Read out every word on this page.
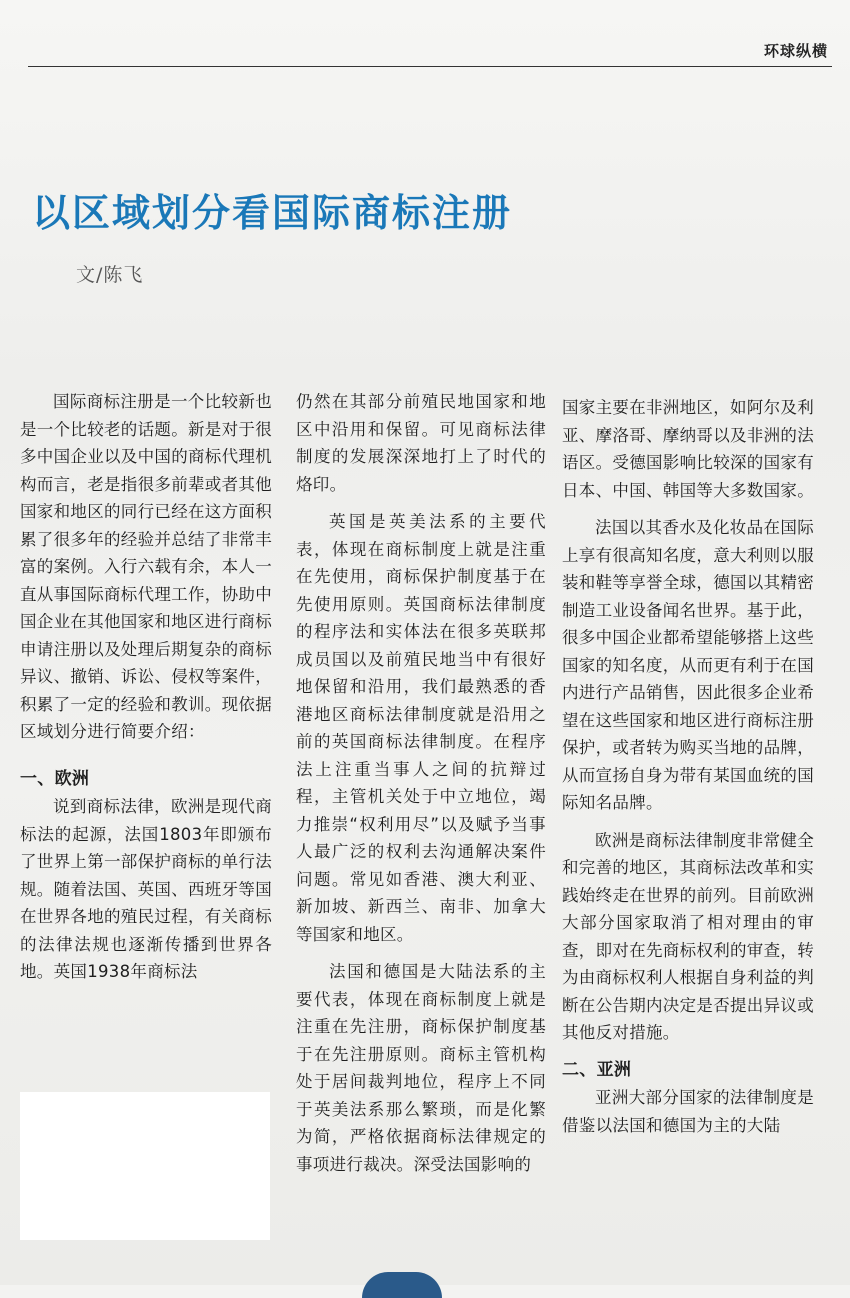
环球纵横
以区域划分看国际商标注册
文/陈飞

国际商标注册是一个比较新也是一个比较老的话题。新是对于很多中国企业以及中国的商标代理机构而言，老是指很多前辈或者其他国家和地区的同行已经在这方面积累了很多年的经验并总结了非常丰富的案例。入行六载有余，本人一直从事国际商标代理工作，协助中国企业在其他国家和地区进行商标申请注册以及处理后期复杂的商标异议、撤销、诉讼、侵权等案件，积累了一定的经验和教训。现依据区域划分进行简要介绍：

一、欧洲

说到商标法律，欧洲是现代商标法的起源，法国1803年即颁布了世界上第一部保护商标的单行法规。随着法国、英国、西班牙等国在世界各地的殖民过程，有关商标的法律法规也逐渐传播到世界各地。英国1938年商标法

仍然在其部分前殖民地国家和地区中沿用和保留。可见商标法律制度的发展深深地打上了时代的烙印。

英国是英美法系的主要代表，体现在商标制度上就是注重在先使用，商标保护制度基于在先使用原则。英国商标法律制度的程序法和实体法在很多英联邦成员国以及前殖民地当中有很好地保留和沿用，我们最熟悉的香港地区商标法律制度就是沿用之前的英国商标法律制度。在程序法上注重当事人之间的抗辩过程，主管机关处于中立地位，竭力推崇“权利用尽”以及赋予当事人最广泛的权利去沟通解决案件问题。常见如香港、澳大利亚、新加坡、新西兰、南非、加拿大等国家和地区。

法国和德国是大陆法系的主要代表，体现在商标制度上就是注重在先注册，商标保护制度基于在先注册原则。商标主管机构处于居间裁判地位，程序上不同于英美法系那么繁琐，而是化繁为简，严格依据商标法律规定的事项进行裁决。深受法国影响的

国家主要在非洲地区，如阿尔及利亚、摩洛哥、摩纳哥以及非洲的法语区。受德国影响比较深的国家有日本、中国、韩国等大多数国家。

法国以其香水及化妆品在国际上享有很高知名度，意大利则以服装和鞋等享誉全球，德国以其精密制造工业设备闻名世界。基于此，很多中国企业都希望能够搭上这些国家的知名度，从而更有利于在国内进行产品销售，因此很多企业希望在这些国家和地区进行商标注册保护，或者转为购买当地的品牌，从而宣扬自身为带有某国血统的国际知名品牌。

欧洲是商标法律制度非常健全和完善的地区，其商标法改革和实践始终走在世界的前列。目前欧洲大部分国家取消了相对理由的审查，即对在先商标权利的审查，转为由商标权利人根据自身利益的判断在公告期内决定是否提出异议或其他反对措施。

二、亚洲

亚洲大部分国家的法律制度是借鉴以法国和德国为主的大陆
